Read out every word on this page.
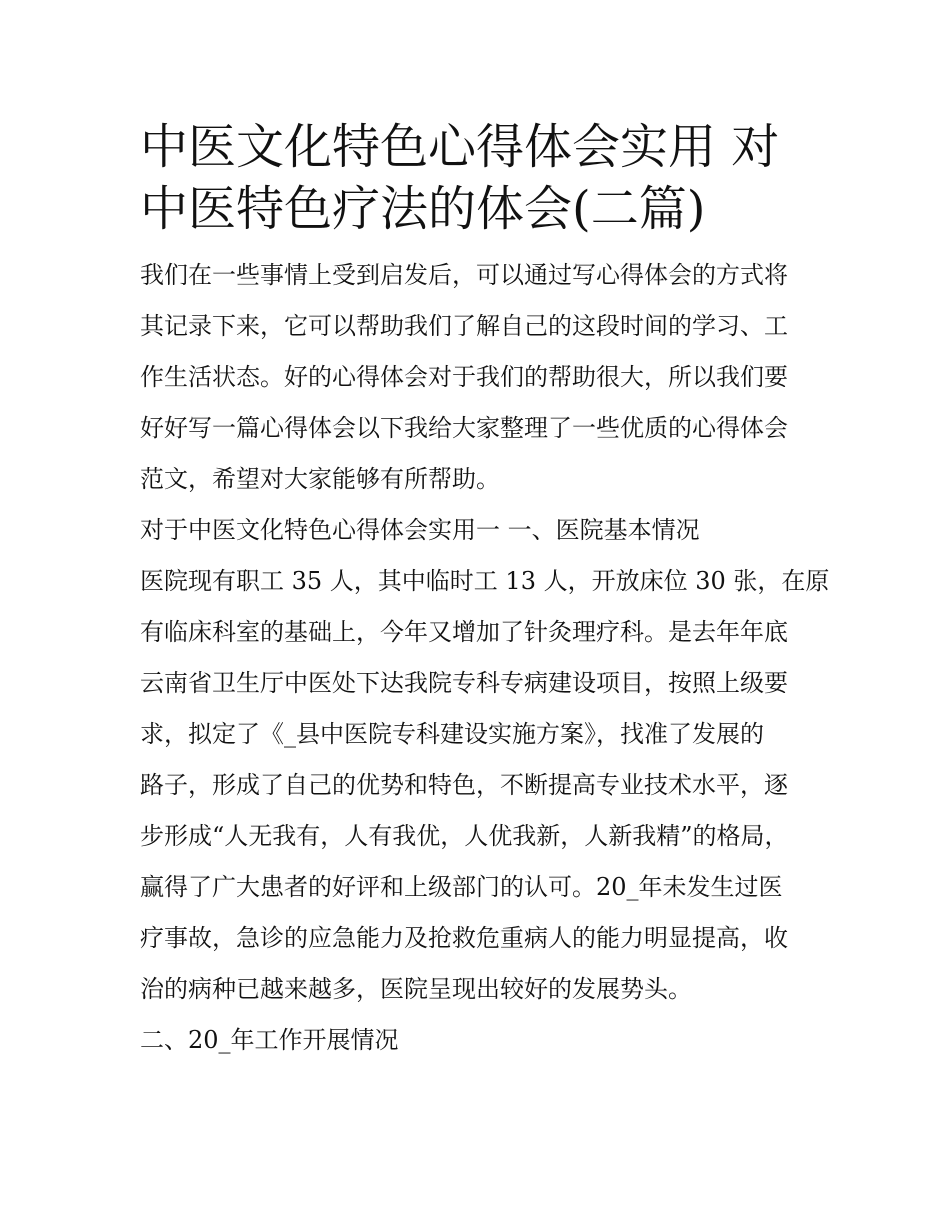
中医文化特色心得体会实用 对
中医特色疗法的体会(二篇)

我们在一些事情上受到启发后，可以通过写心得体会的方式将
其记录下来，它可以帮助我们了解自己的这段时间的学习、工
作生活状态。好的心得体会对于我们的帮助很大，所以我们要
好好写一篇心得体会以下我给大家整理了一些优质的心得体会
范文，希望对大家能够有所帮助。

对于中医文化特色心得体会实用一 一、医院基本情况

医院现有职工 35 人，其中临时工 13 人，开放床位 30 张，在原
有临床科室的基础上，今年又增加了针灸理疗科。是去年年底
云南省卫生厅中医处下达我院专科专病建设项目，按照上级要
求，拟定了《_县中医院专科建设实施方案》，找准了发展的
路子，形成了自己的优势和特色，不断提高专业技术水平，逐
步形成“人无我有，人有我优，人优我新，人新我精”的格局，
赢得了广大患者的好评和上级部门的认可。20_年未发生过医
疗事故，急诊的应急能力及抢救危重病人的能力明显提高，收
治的病种已越来越多，医院呈现出较好的发展势头。

二、20_年工作开展情况
